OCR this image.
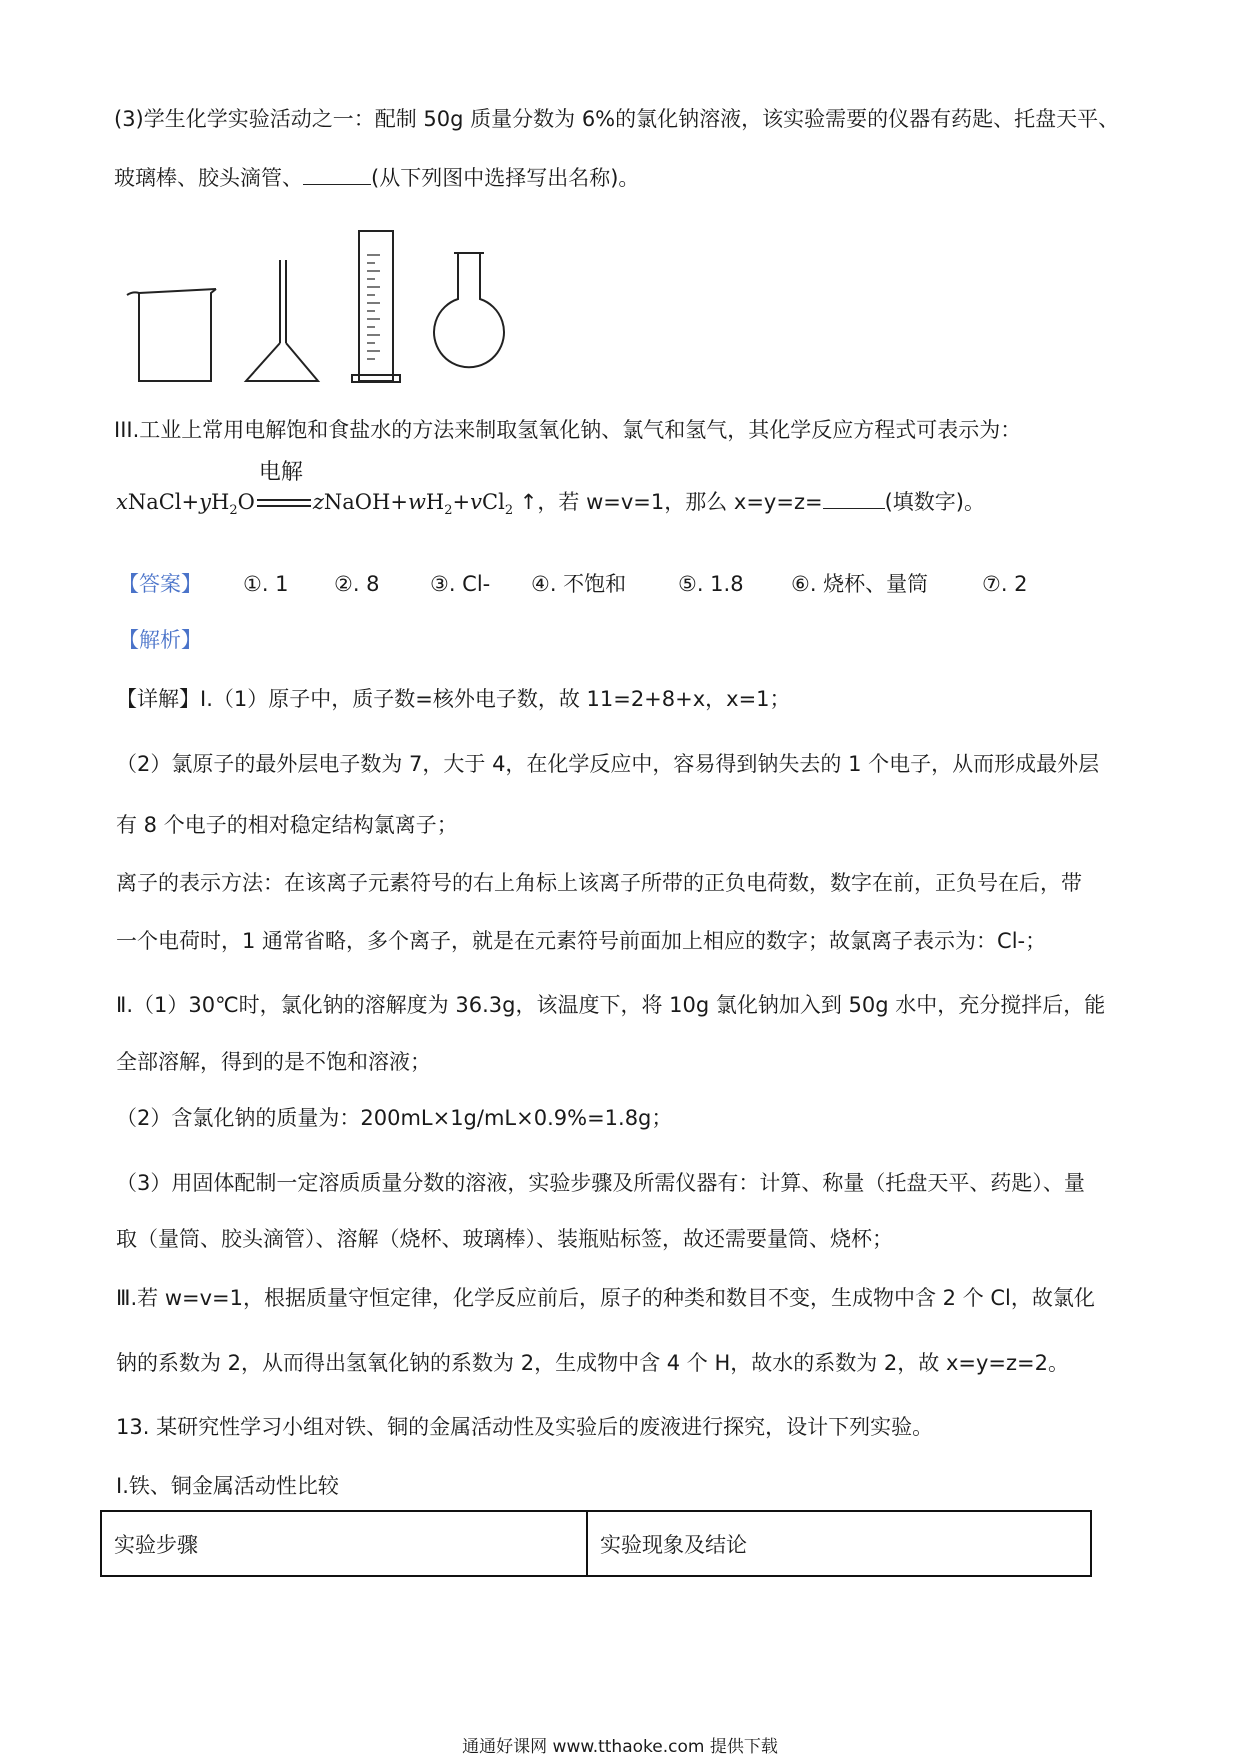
(3)学生化学实验活动之一：配制 50g 质量分数为 6%的氯化钠溶液，该实验需要的仪器有药匙、托盘天平、
玻璃棒、胶头滴管、	(从下列图中选择写出名称)。
III.工业上常用电解饱和食盐水的方法来制取氢氧化钠、氯气和氢气，其化学反应方程式可表示为：
$xNaCl+yH_2O$
电解
$zNaOH+wH_2+vCl_2$ ↑，若 w=v=1，那么 x=y=z=	(填数字)。
【答案】 ①. 1 ②. 8 ③. Cl- ④. 不饱和 ⑤. 1.8 ⑥. 烧杯、量筒	⑦. 2
【解析】
【详解】Ⅰ.（1）原子中，质子数=核外电子数，故 11=2+8+x，x=1；
（2）氯原子的最外层电子数为 7，大于 4，在化学反应中，容易得到钠失去的 1 个电子，从而形成最外层
有 8 个电子的相对稳定结构氯离子；
离子的表示方法：在该离子元素符号的右上角标上该离子所带的正负电荷数，数字在前，正负号在后，带
一个电荷时，1 通常省略，多个离子，就是在元素符号前面加上相应的数字；故氯离子表示为：Cl-；
Ⅱ.（1）30℃时，氯化钠的溶解度为 36.3g，该温度下，将 10g 氯化钠加入到 50g 水中，充分搅拌后，能
全部溶解，得到的是不饱和溶液；
（2）含氯化钠的质量为：200mL×1g/mL×0.9%=1.8g；
（3）用固体配制一定溶质质量分数的溶液，实验步骤及所需仪器有：计算、称量（托盘天平、药匙）、量
取（量筒、胶头滴管）、溶解（烧杯、玻璃棒）、装瓶贴标签，故还需要量筒、烧杯；
Ⅲ.若 w=v=1，根据质量守恒定律，化学反应前后，原子的种类和数目不变，生成物中含 2 个 Cl，故氯化
钠的系数为 2，从而得出氢氧化钠的系数为 2，生成物中含 4 个 H，故水的系数为 2，故 x=y=z=2。
13. 某研究性学习小组对铁、铜的金属活动性及实验后的废液进行探究，设计下列实验。
Ⅰ.铁、铜金属活动性比较
实验步骤	实验现象及结论
通通好课网 www.tthaoke.com 提供下载
